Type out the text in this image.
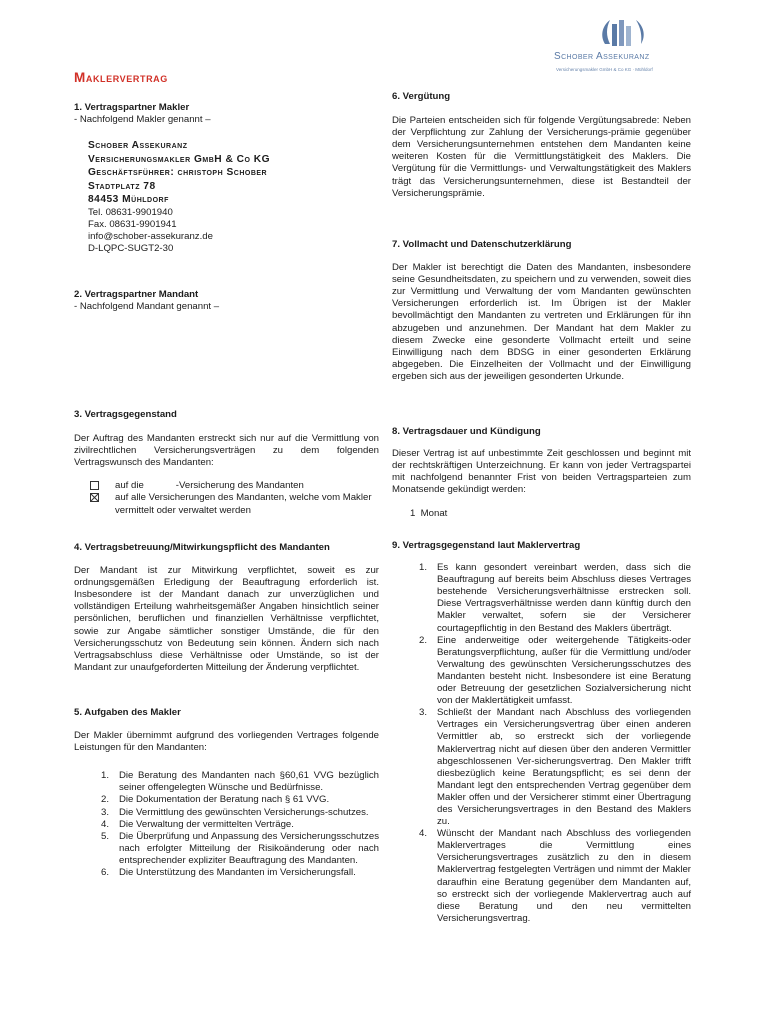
Schober Assekuranz
Versicherungsmakler GmbH & Co KG · Mühldorf
Maklervertrag
1. Vertragspartner Makler
- Nachfolgend Makler genannt –
Schober Assekuranz
Versicherungsmakler GmbH & Co KG
Geschäftsführer: christoph Schober
Stadtplatz 78
84453 Mühldorf
Tel. 08631-9901940
Fax. 08631-9901941
info@schober-assekuranz.de
D-LQPC-SUGT2-30
2. Vertragspartner Mandant
- Nachfolgend Mandant genannt –
3. Vertragsgegenstand
Der Auftrag des Mandanten erstreckt sich nur auf die Vermittlung von zivilrechtlichen Versicherungsverträgen zu dem folgenden Vertragswunsch des Mandanten:
auf die            -Versicherung des Mandanten
auf alle Versicherungen des Mandanten, welche vom Makler vermittelt oder verwaltet werden
4. Vertragsbetreuung/Mitwirkungspflicht des Mandanten
Der Mandant ist zur Mitwirkung verpflichtet, soweit es zur ordnungsgemäßen Erledigung der Beauftragung erforderlich ist. Insbesondere ist der Mandant danach zur unverzüglichen und vollständigen Erteilung wahrheitsgemäßer Angaben hinsichtlich seiner persönlichen, beruflichen und finanziellen Verhältnisse verpflichtet, sowie zur Angabe sämtlicher sonstiger Umstände, die für den Versicherungsschutz von Bedeutung sein können. Ändern sich nach Vertragsabschluss diese Verhältnisse oder Umstände, so ist der Mandant zur unaufgeforderten Mitteilung der Änderung verpflichtet.
5. Aufgaben des Makler
Der Makler übernimmt aufgrund des vorliegenden Vertrages folgende Leistungen für den Mandanten:
1. Die Beratung des Mandanten nach §60,61 VVG bezüglich seiner offengelegten Wünsche und Bedürfnisse.
2. Die Dokumentation der Beratung nach § 61 VVG.
3. Die Vermittlung des gewünschten Versicherungs-schutzes.
4. Die Verwaltung der vermittelten Verträge.
5. Die Überprüfung und Anpassung des Versicherungsschutzes nach erfolgter Mitteilung der Risikoänderung oder nach entsprechender expliziter Beauftragung des Mandanten.
6. Die Unterstützung des Mandanten im Versicherungsfall.
6. Vergütung
Die Parteien entscheiden sich für folgende Vergütungsabrede: Neben der Verpflichtung zur Zahlung der Versicherungs-prämie gegenüber dem Versicherungsunternehmen entstehen dem Mandanten keine weiteren Kosten für die Vermittlungstätigkeit des Maklers. Die Vergütung für die Vermittlungs- und Verwaltungstätigkeit des Maklers trägt das Versicherungsunternehmen, diese ist Bestandteil der Versicherungsprämie.
7. Vollmacht und Datenschutzerklärung
Der Makler ist berechtigt die Daten des Mandanten, insbesondere seine Gesundheitsdaten, zu speichern und zu verwenden, soweit dies zur Vermittlung und Verwaltung der vom Mandanten gewünschten Versicherungen erforderlich ist. Im Übrigen ist der Makler bevollmächtigt den Mandanten zu vertreten und Erklärungen für ihn abzugeben und anzunehmen. Der Mandant hat dem Makler zu diesem Zwecke eine gesonderte Vollmacht erteilt und seine Einwilligung nach dem BDSG in einer gesonderten Erklärung abgegeben. Die Einzelheiten der Vollmacht und der Einwilligung ergeben sich aus der jeweiligen gesonderten Urkunde.
8. Vertragsdauer und Kündigung
Dieser Vertrag ist auf unbestimmte Zeit geschlossen und beginnt mit der rechtskräftigen Unterzeichnung. Er kann von jeder Vertragspartei mit nachfolgend benannter Frist von beiden Vertragsparteien zum Monatsende gekündigt werden:
1  Monat
9. Vertragsgegenstand laut Maklervertrag
1. Es kann gesondert vereinbart werden, dass sich die Beauftragung auf bereits beim Abschluss dieses Vertrages bestehende Versicherungsverhältnisse erstrecken soll. Diese Vertragsverhältnisse werden dann künftig durch den Makler verwaltet, sofern sie der Versicherer courtagepflichtig in den Bestand des Maklers überträgt.
2. Eine anderweitige oder weitergehende Tätigkeits-oder Beratungsverpflichtung, außer für die Vermittlung und/oder Verwaltung des gewünschten Versicherungsschutzes des Mandanten besteht nicht. Insbesondere ist eine Beratung oder Betreuung der gesetzlichen Sozialversicherung nicht von der Maklertätigkeit umfasst.
3. Schließt der Mandant nach Abschluss des vorliegenden Vertrages ein Versicherungsvertrag über einen anderen Vermittler ab, so erstreckt sich der vorliegende Maklervertrag nicht auf diesen über den anderen Vermittler abgeschlossenen Ver-sicherungsvertrag. Den Makler trifft diesbezüglich keine Beratungspflicht; es sei denn der Mandant legt den entsprechenden Vertrag gegenüber dem Makler offen und der Versicherer stimmt einer Übertragung des Versicherungsvertrages in den Bestand des Maklers zu.
4. Wünscht der Mandant nach Abschluss des vorliegenden Maklervertrages die Vermittlung eines Versicherungsvertrages zusätzlich zu den in diesem Maklervertrag festgelegten Verträgen und nimmt der Makler daraufhin eine Beratung gegenüber dem Mandanten auf, so erstreckt sich der vorliegende Maklervertrag auch auf diese Beratung und den neu vermittelten Versicherungsvertrag.
